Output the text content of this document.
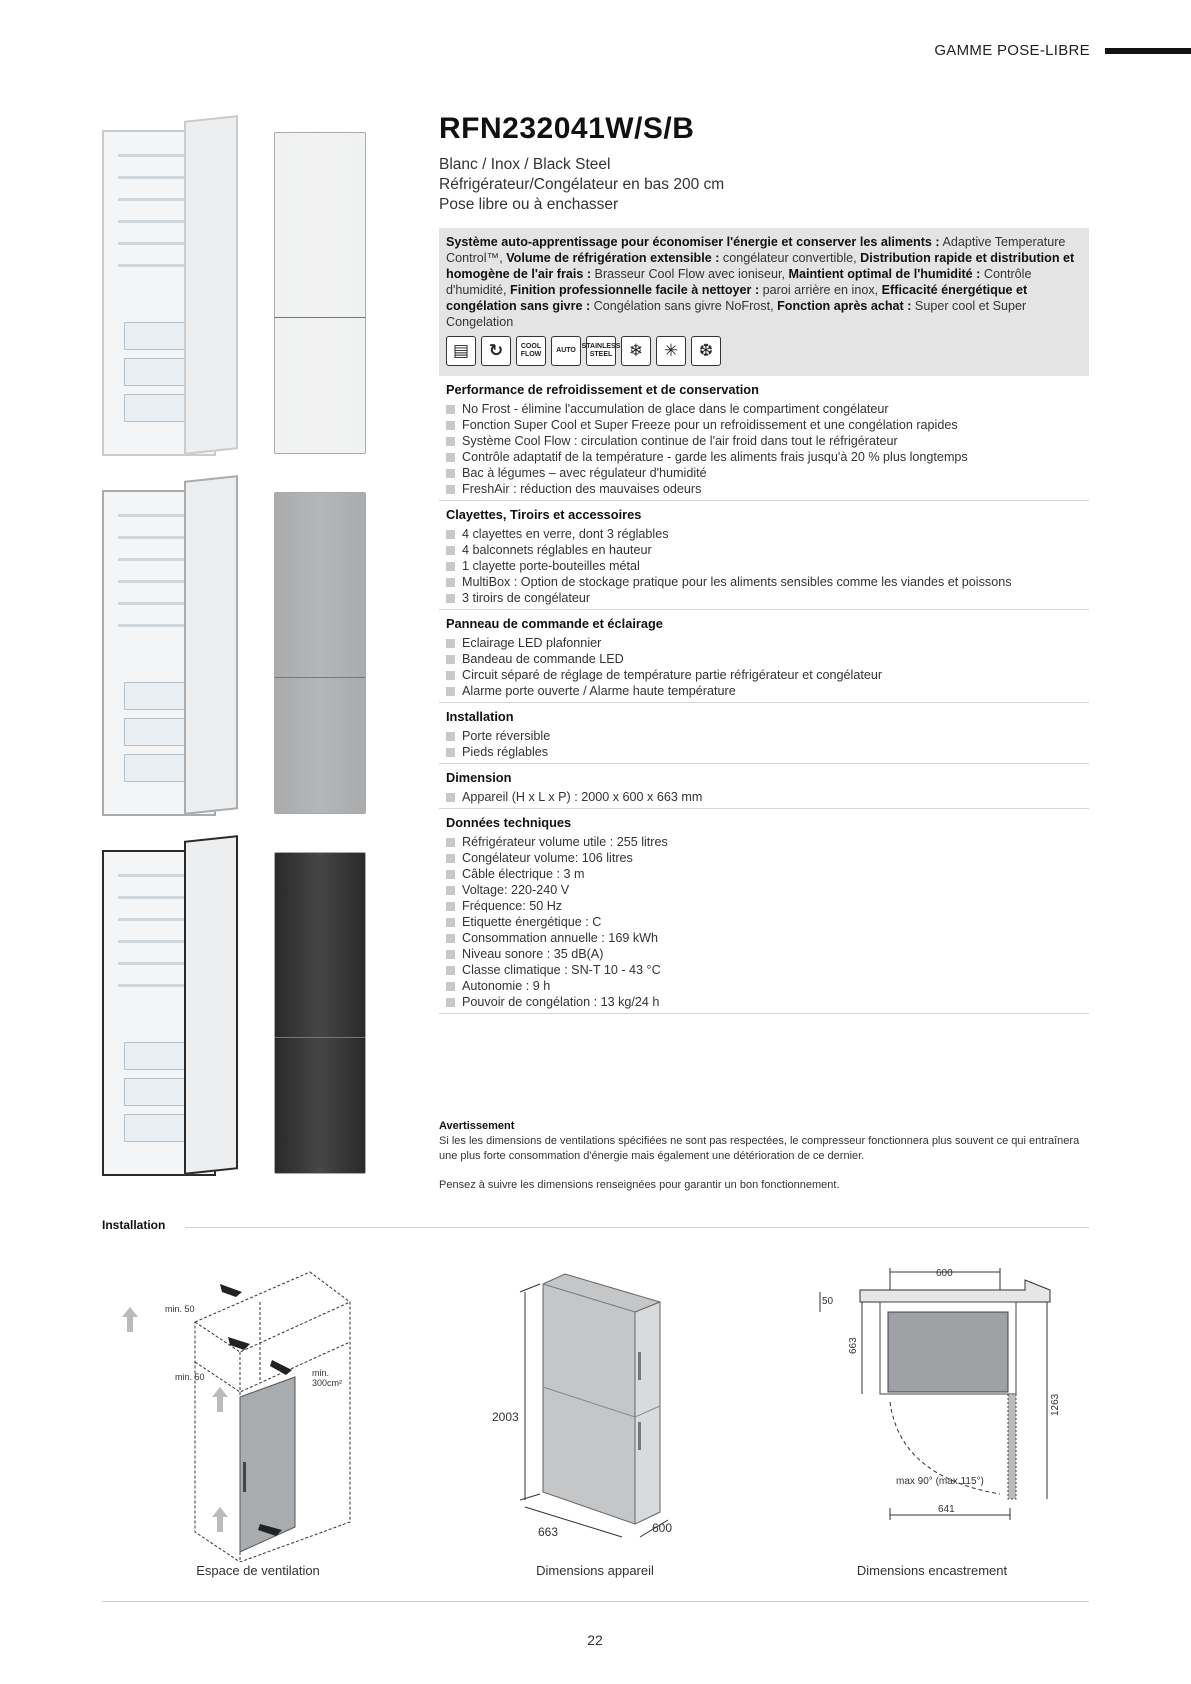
GAMME POSE-LIBRE
RFN232041W/S/B
Blanc / Inox / Black Steel
Réfrigérateur/Congélateur en bas 200 cm
Pose libre ou à enchasser

Système auto-apprentissage pour économiser l'énergie et conserver les aliments : Adaptive Temperature Control™, Volume de réfrigération extensible : congélateur convertible, Distribution rapide et distribution et homogène de l'air frais : Brasseur Cool Flow avec ioniseur, Maintient optimal de l'humidité : Contrôle d'humidité, Finition professionnelle facile à nettoyer : paroi arrière en inox, Efficacité énergétique et congélation sans givre : Congélation sans givre NoFrost, Fonction après achat : Super cool et Super Congelation

▤	↻	COOL
FLOW
AUTO
STAINLESS
STEEL ❄	✳	❆
Performance de refroidissement et de conservation
No Frost - élimine l'accumulation de glace dans le compartiment congélateur
Fonction Super Cool et Super Freeze pour un refroidissement et une congélation rapides
Système Cool Flow : circulation continue de l'air froid dans tout le réfrigérateur
Contrôle adaptatif de la température - garde les aliments frais jusqu'à 20 % plus longtemps
Bac à légumes – avec régulateur d'humidité
FreshAir : réduction des mauvaises odeurs
Clayettes, Tiroirs et accessoires
4 clayettes en verre, dont 3 réglables
4 balconnets réglables en hauteur
1 clayette porte-bouteilles métal
MultiBox : Option de stockage pratique pour les aliments sensibles comme les viandes et poissons
3 tiroirs de congélateur
Panneau de commande et éclairage
Eclairage LED plafonnier
Bandeau de commande LED
Circuit séparé de réglage de température partie réfrigérateur et congélateur
Alarme porte ouverte / Alarme haute température
Installation
Porte réversible
Pieds réglables
Dimension
Appareil (H x L x P) : 2000 x 600 x 663 mm
Données techniques
Réfrigérateur volume utile : 255 litres
Congélateur volume: 106 litres
Câble électrique : 3 m
Voltage: 220-240 V
Fréquence: 50 Hz
Etiquette énergétique : C
Consommation annuelle : 169 kWh
Niveau sonore : 35 dB(A)
Classe climatique : SN-T 10 - 43 °C
Autonomie : 9 h
Pouvoir de congélation : 13 kg/24 h
Avertissement
Si les les dimensions de ventilations spécifiées ne sont pas respectées, le compresseur fonctionnera plus souvent ce qui entraînera une plus forte consommation d'énergie mais également une détérioration de ce dernier.
Pensez à suivre les dimensions renseignées pour garantir un bon fonctionnement.
Installation
min. 50
min. 50	min.
300cm²
Espace de ventilation
2003
663	600
Dimensions appareil
600
50
663
1263
max 90° (max 115°)
641
Dimensions encastrement
22
